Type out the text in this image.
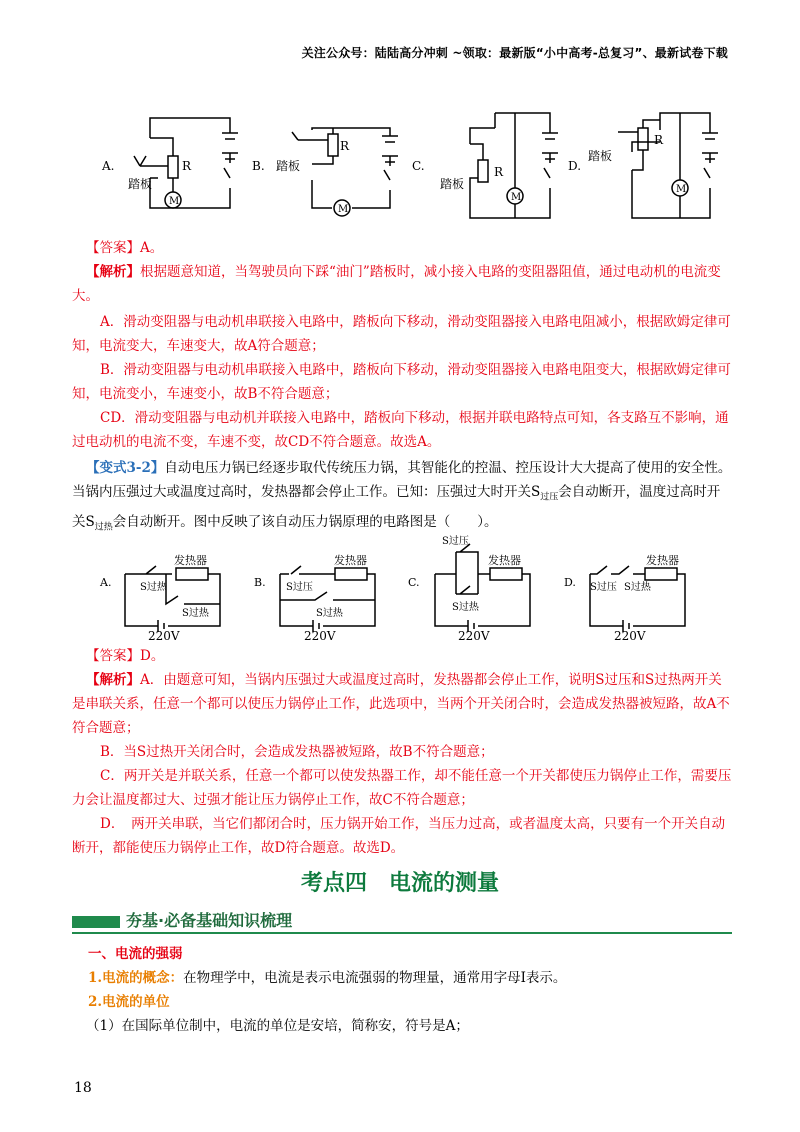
关注公众号：陆陆高分冲刺 ~领取：最新版“小中高考-总复习”、最新试卷下载
A.	R
踏板
M
B.
R
踏板
M
C.	R
踏板
M
D.
R
踏板
M
【答案】A。
【解析】根据题意知道，当驾驶员向下踩“油门”踏板时，减小接入电路的变阻器阻值，通过电动机的电流变大。
A．滑动变阻器与电动机串联接入电路中，踏板向下移动，滑动变阻器接入电路电阻减小，根据欧姆定律可知，电流变大，车速变大，故A符合题意；
B．滑动变阻器与电动机串联接入电路中，踏板向下移动，滑动变阻器接入电路电阻变大，根据欧姆定律可知，电流变小，车速变小，故B不符合题意；
CD．滑动变阻器与电动机并联接入电路中，踏板向下移动，根据并联电路特点可知，各支路互不影响，通过电动机的电流不变，车速不变，故CD不符合题意。故选A。
【变式3-2】自动电压力锅已经逐步取代传统压力锅，其智能化的控温、控压设计大大提高了使用的安全性。当锅内压强过大或温度过高时，发热器都会停止工作。已知：压强过大时开关$S_{过压}$会自动断开，温度过高时开关$S_{过热}$会自动断开。图中反映了该自动压力锅原理的电路图是（　　）。
A.
发热器
S过热
S过热
220V
B.
发热器
S过压
S过热
220V
C.
发热器
S过压
S过热
220V
D.
发热器
S过压 S过热
220V
【答案】D。
【解析】A．由题意可知，当锅内压强过大或温度过高时，发热器都会停止工作，说明S过压和S过热两开关是串联关系，任意一个都可以使压力锅停止工作，此选项中，当两个开关闭合时，会造成发热器被短路，故A不符合题意；
B．当S过热开关闭合时，会造成发热器被短路，故B不符合题意；
C．两开关是并联关系，任意一个都可以使发热器工作，却不能任意一个开关都使压力锅停止工作，需要压力会让温度都过大、过强才能让压力锅停止工作，故C不符合题意；
D．　两开关串联，当它们都闭合时，压力锅开始工作，当压力过高，或者温度太高，只要有一个开关自动断开，都能使压力锅停止工作，故D符合题意。故选D。
考点四　电流的测量
夯基·必备基础知识梳理
一、电流的强弱
1.电流的概念：在物理学中，电流是表示电流强弱的物理量，通常用字母I表示。
2.电流的单位
（1）在国际单位制中，电流的单位是安培，简称安，符号是A；
18
